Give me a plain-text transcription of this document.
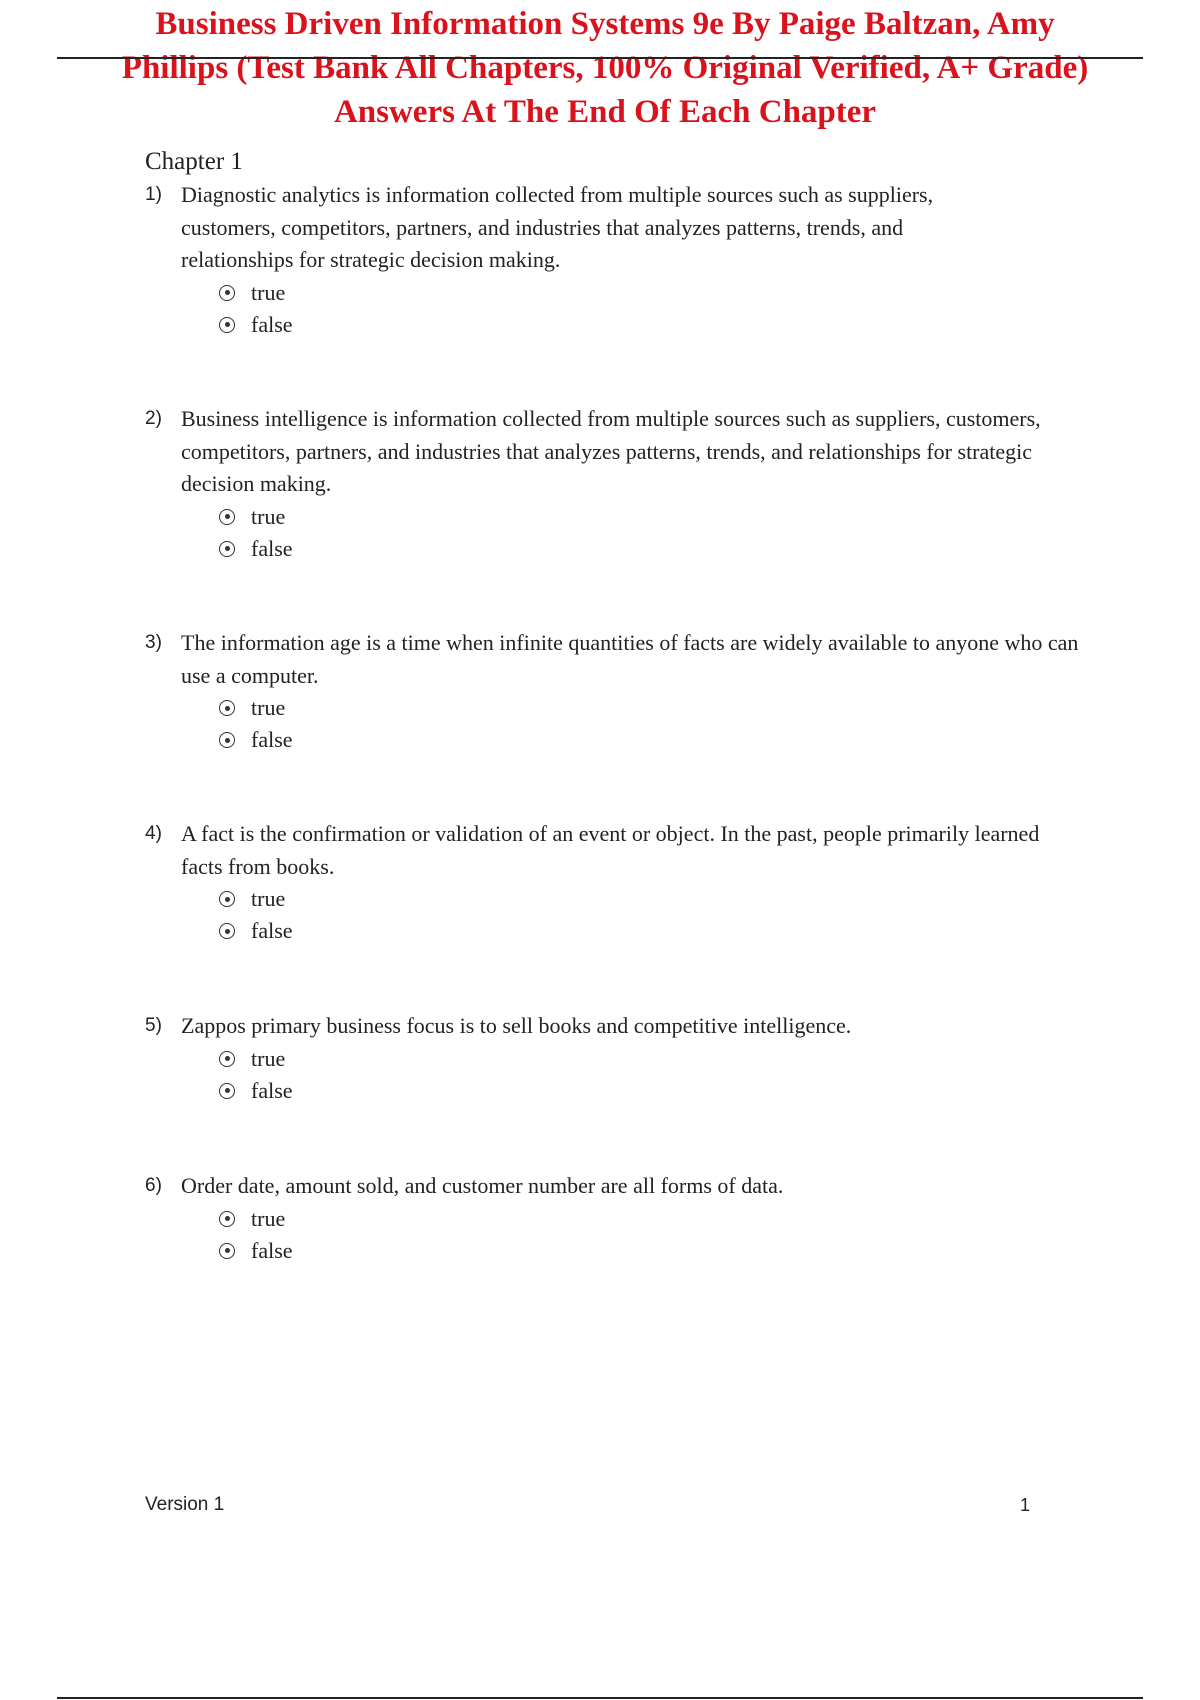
Business Driven Information Systems 9e By Paige Baltzan, Amy
Phillips (Test Bank All Chapters, 100% Original Verified, A+ Grade)
Answers At The End Of Each Chapter
Chapter 1
1) Diagnostic analytics is information collected from multiple sources such as suppliers, customers, competitors, partners, and industries that analyzes patterns, trends, and relationships for strategic decision making.
true
false
2) Business intelligence is information collected from multiple sources such as suppliers, customers, competitors, partners, and industries that analyzes patterns, trends, and relationships for strategic decision making.
true
false
3) The information age is a time when infinite quantities of facts are widely available to anyone who can use a computer.
true
false
4) A fact is the confirmation or validation of an event or object. In the past, people primarily learned facts from books.
true
false
5) Zappos primary business focus is to sell books and competitive intelligence.
true
false
6) Order date, amount sold, and customer number are all forms of data.
true
false
Version 1	1
